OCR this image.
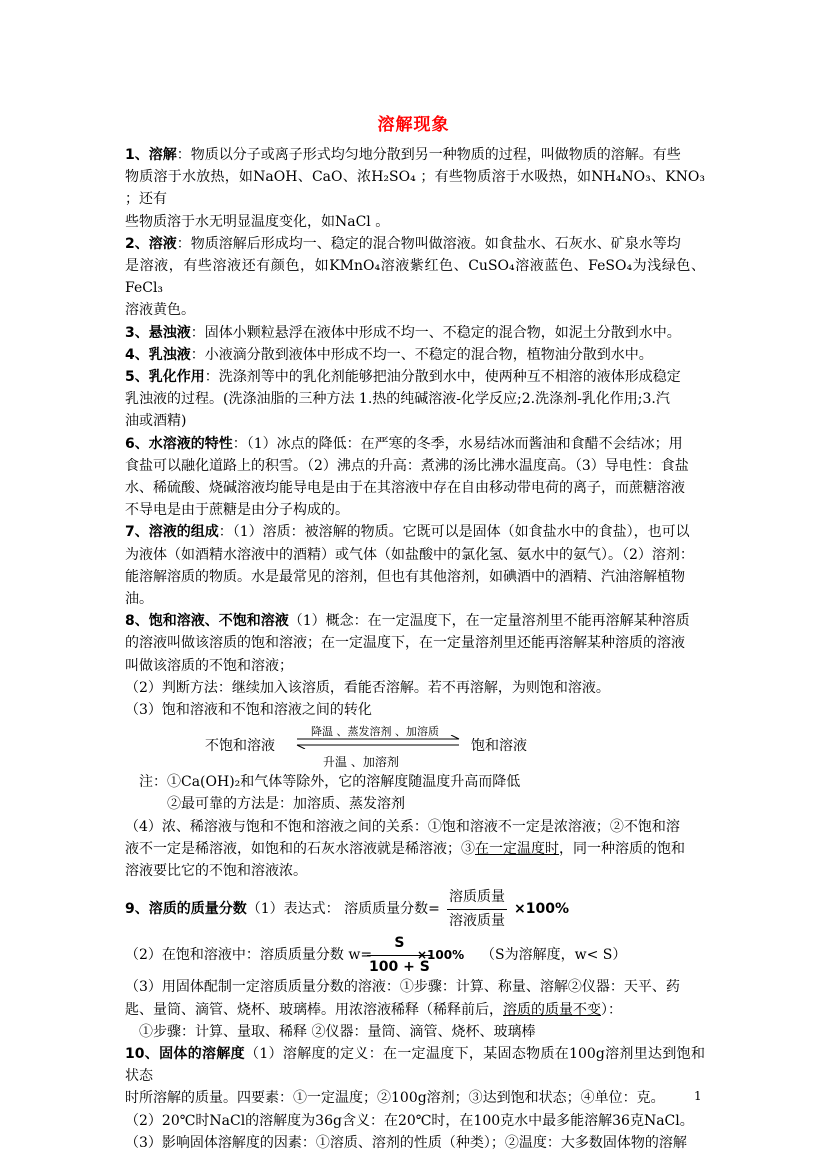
溶解现象

1、溶解：物质以分子或离子形式均匀地分散到另一种物质的过程，叫做物质的溶解。有些

物质溶于水放热，如NaOH、CaO、浓H₂SO₄ ；有些物质溶于水吸热，如NH₄NO₃、KNO₃ ；还有

些物质溶于水无明显温度变化，如NaCl 。

2、溶液：物质溶解后形成均一、稳定的混合物叫做溶液。如食盐水、石灰水、矿泉水等均

是溶液，有些溶液还有颜色，如KMnO₄溶液紫红色、CuSO₄溶液蓝色、FeSO₄为浅绿色、FeCl₃

溶液黄色。

3、悬浊液：固体小颗粒悬浮在液体中形成不均一、不稳定的混合物，如泥土分散到水中。

4、乳浊液：小液滴分散到液体中形成不均一、不稳定的混合物，植物油分散到水中。

5、乳化作用：洗涤剂等中的乳化剂能够把油分散到水中，使两种互不相溶的液体形成稳定

乳浊液的过程。(洗涤油脂的三种方法 1.热的纯碱溶液-化学反应;2.洗涤剂-乳化作用;3.汽

油或酒精)

6、水溶液的特性：（1）冰点的降低：在严寒的冬季，水易结冰而酱油和食醋不会结冰；用

食盐可以融化道路上的积雪。（2）沸点的升高：煮沸的汤比沸水温度高。（3）导电性：食盐

水、稀硫酸、烧碱溶液均能导电是由于在其溶液中存在自由移动带电荷的离子，而蔗糖溶液

不导电是由于蔗糖是由分子构成的。

7、溶液的组成：（1）溶质：被溶解的物质。它既可以是固体（如食盐水中的食盐），也可以

为液体（如酒精水溶液中的酒精）或气体（如盐酸中的氯化氢、氨水中的氨气）。（2）溶剂：

能溶解溶质的物质。水是最常见的溶剂，但也有其他溶剂，如碘酒中的酒精、汽油溶解植物

油。

8、饱和溶液、不饱和溶液（1）概念：在一定温度下，在一定量溶剂里不能再溶解某种溶质

的溶液叫做该溶质的饱和溶液；在一定温度下，在一定量溶剂里还能再溶解某种溶质的溶液

叫做该溶质的不饱和溶液；

（2）判断方法：继续加入该溶质，看能否溶解。若不再溶解，为则饱和溶液。

（3）饱和溶液和不饱和溶液之间的转化

不饱和溶液
降温 、蒸发溶剂 、加溶质
饱和溶液
升温 、加溶剂

注：①Ca(OH)₂和气体等除外，它的溶解度随温度升高而降低

②最可靠的方法是：加溶质、蒸发溶剂

（4）浓、稀溶液与饱和不饱和溶液之间的关系：①饱和溶液不一定是浓溶液；②不饱和溶

液不一定是稀溶液，如饱和的石灰水溶液就是稀溶液；③在一定温度时，同一种溶质的饱和

溶液要比它的不饱和溶液浓。

9、溶质的质量分数（1）表达式： 溶质质量分数=
溶质质量
溶液质量
×100%
（2）在饱和溶液中：溶质质量分数 w=
$\frac{S}{100 + S}$
×100% （S为溶解度，w< S）

（3）用固体配制一定溶质质量分数的溶液：①步骤：计算、称量、溶解②仪器：天平、药

匙、量筒、滴管、烧杯、玻璃棒。用浓溶液稀释（稀释前后，溶质的质量不变）：

①步骤：计算、量取、稀释 ②仪器：量筒、滴管、烧杯、玻璃棒

10、固体的溶解度（1）溶解度的定义：在一定温度下，某固态物质在100g溶剂里达到饱和状态

时所溶解的质量。四要素：①一定温度；②100g溶剂；③达到饱和状态；④单位：克。

（2）20℃时NaCl的溶解度为36g含义：在20℃时，在100克水中最多能溶解36克NaCl。

（3）影响固体溶解度的因素：①溶质、溶剂的性质（种类）；②温度：大多数固体物的溶解

1
